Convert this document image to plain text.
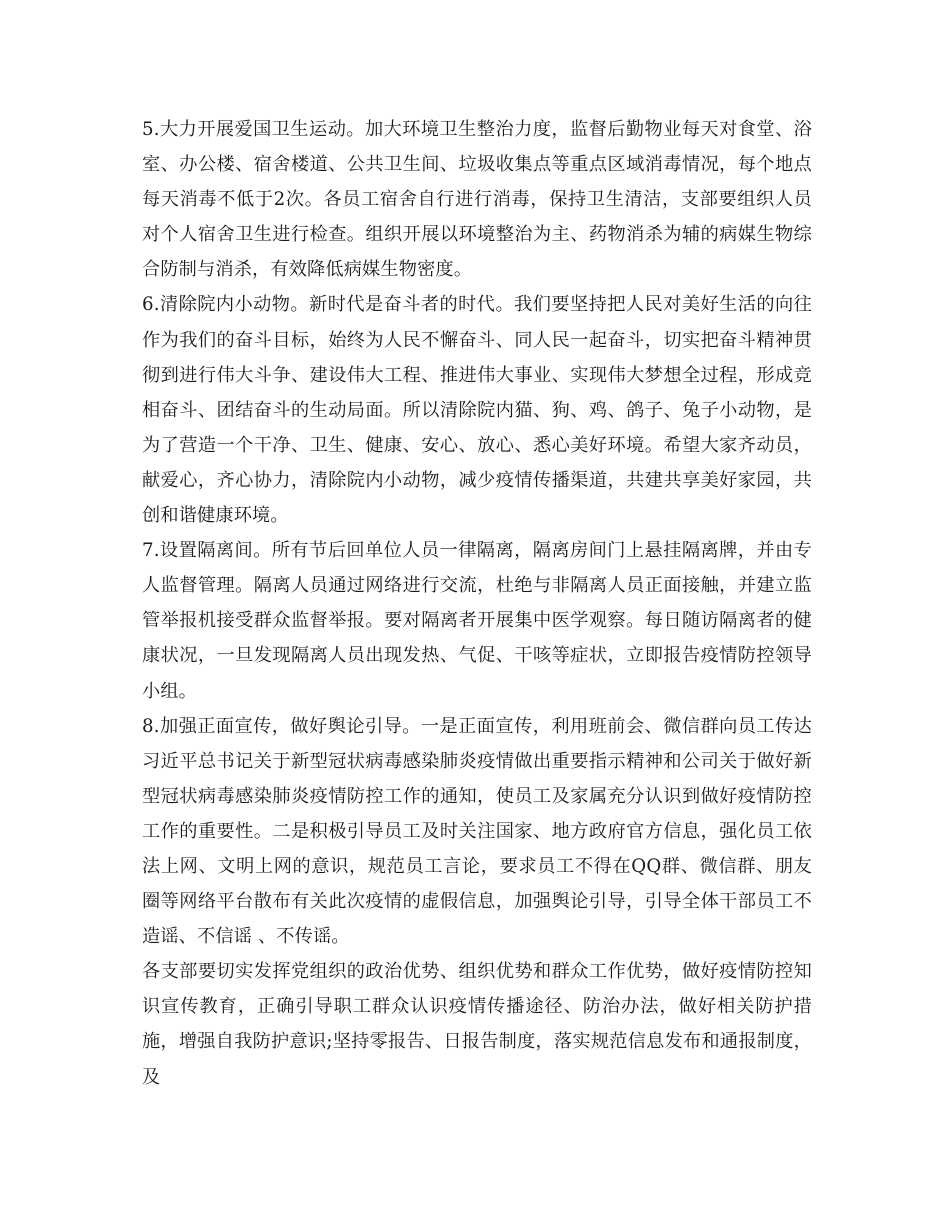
5.大力开展爱国卫生运动。加大环境卫生整治力度，监督后勤物业每天对食堂、浴室、办公楼、宿舍楼道、公共卫生间、垃圾收集点等重点区域消毒情况，每个地点每天消毒不低于2次。各员工宿舍自行进行消毒，保持卫生清洁，支部要组织人员对个人宿舍卫生进行检查。组织开展以环境整治为主、药物消杀为辅的病媒生物综合防制与消杀，有效降低病媒生物密度。

6.清除院内小动物。新时代是奋斗者的时代。我们要坚持把人民对美好生活的向往作为我们的奋斗目标，始终为人民不懈奋斗、同人民一起奋斗，切实把奋斗精神贯彻到进行伟大斗争、建设伟大工程、推进伟大事业、实现伟大梦想全过程，形成竞相奋斗、团结奋斗的生动局面。所以清除院内猫、狗、鸡、鸽子、兔子小动物，是为了营造一个干净、卫生、健康、安心、放心、悉心美好环境。希望大家齐动员，献爱心，齐心协力，清除院内小动物，减少疫情传播渠道，共建共享美好家园，共创和谐健康环境。

7.设置隔离间。所有节后回单位人员一律隔离，隔离房间门上悬挂隔离牌，并由专人监督管理。隔离人员通过网络进行交流，杜绝与非隔离人员正面接触，并建立监管举报机接受群众监督举报。要对隔离者开展集中医学观察。每日随访隔离者的健康状况，一旦发现隔离人员出现发热、气促、干咳等症状，立即报告疫情防控领导小组。

8.加强正面宣传，做好舆论引导。一是正面宣传，利用班前会、微信群向员工传达习近平总书记关于新型冠状病毒感染肺炎疫情做出重要指示精神和公司关于做好新型冠状病毒感染肺炎疫情防控工作的通知，使员工及家属充分认识到做好疫情防控工作的重要性。二是积极引导员工及时关注国家、地方政府官方信息，强化员工依法上网、文明上网的意识，规范员工言论，要求员工不得在QQ群、微信群、朋友圈等网络平台散布有关此次疫情的虚假信息，加强舆论引导，引导全体干部员工不造谣、不信谣 、不传谣。

各支部要切实发挥党组织的政治优势、组织优势和群众工作优势，做好疫情防控知识宣传教育，正确引导职工群众认识疫情传播途径、防治办法，做好相关防护措施，增强自我防护意识;坚持零报告、日报告制度，落实规范信息发布和通报制度，及
